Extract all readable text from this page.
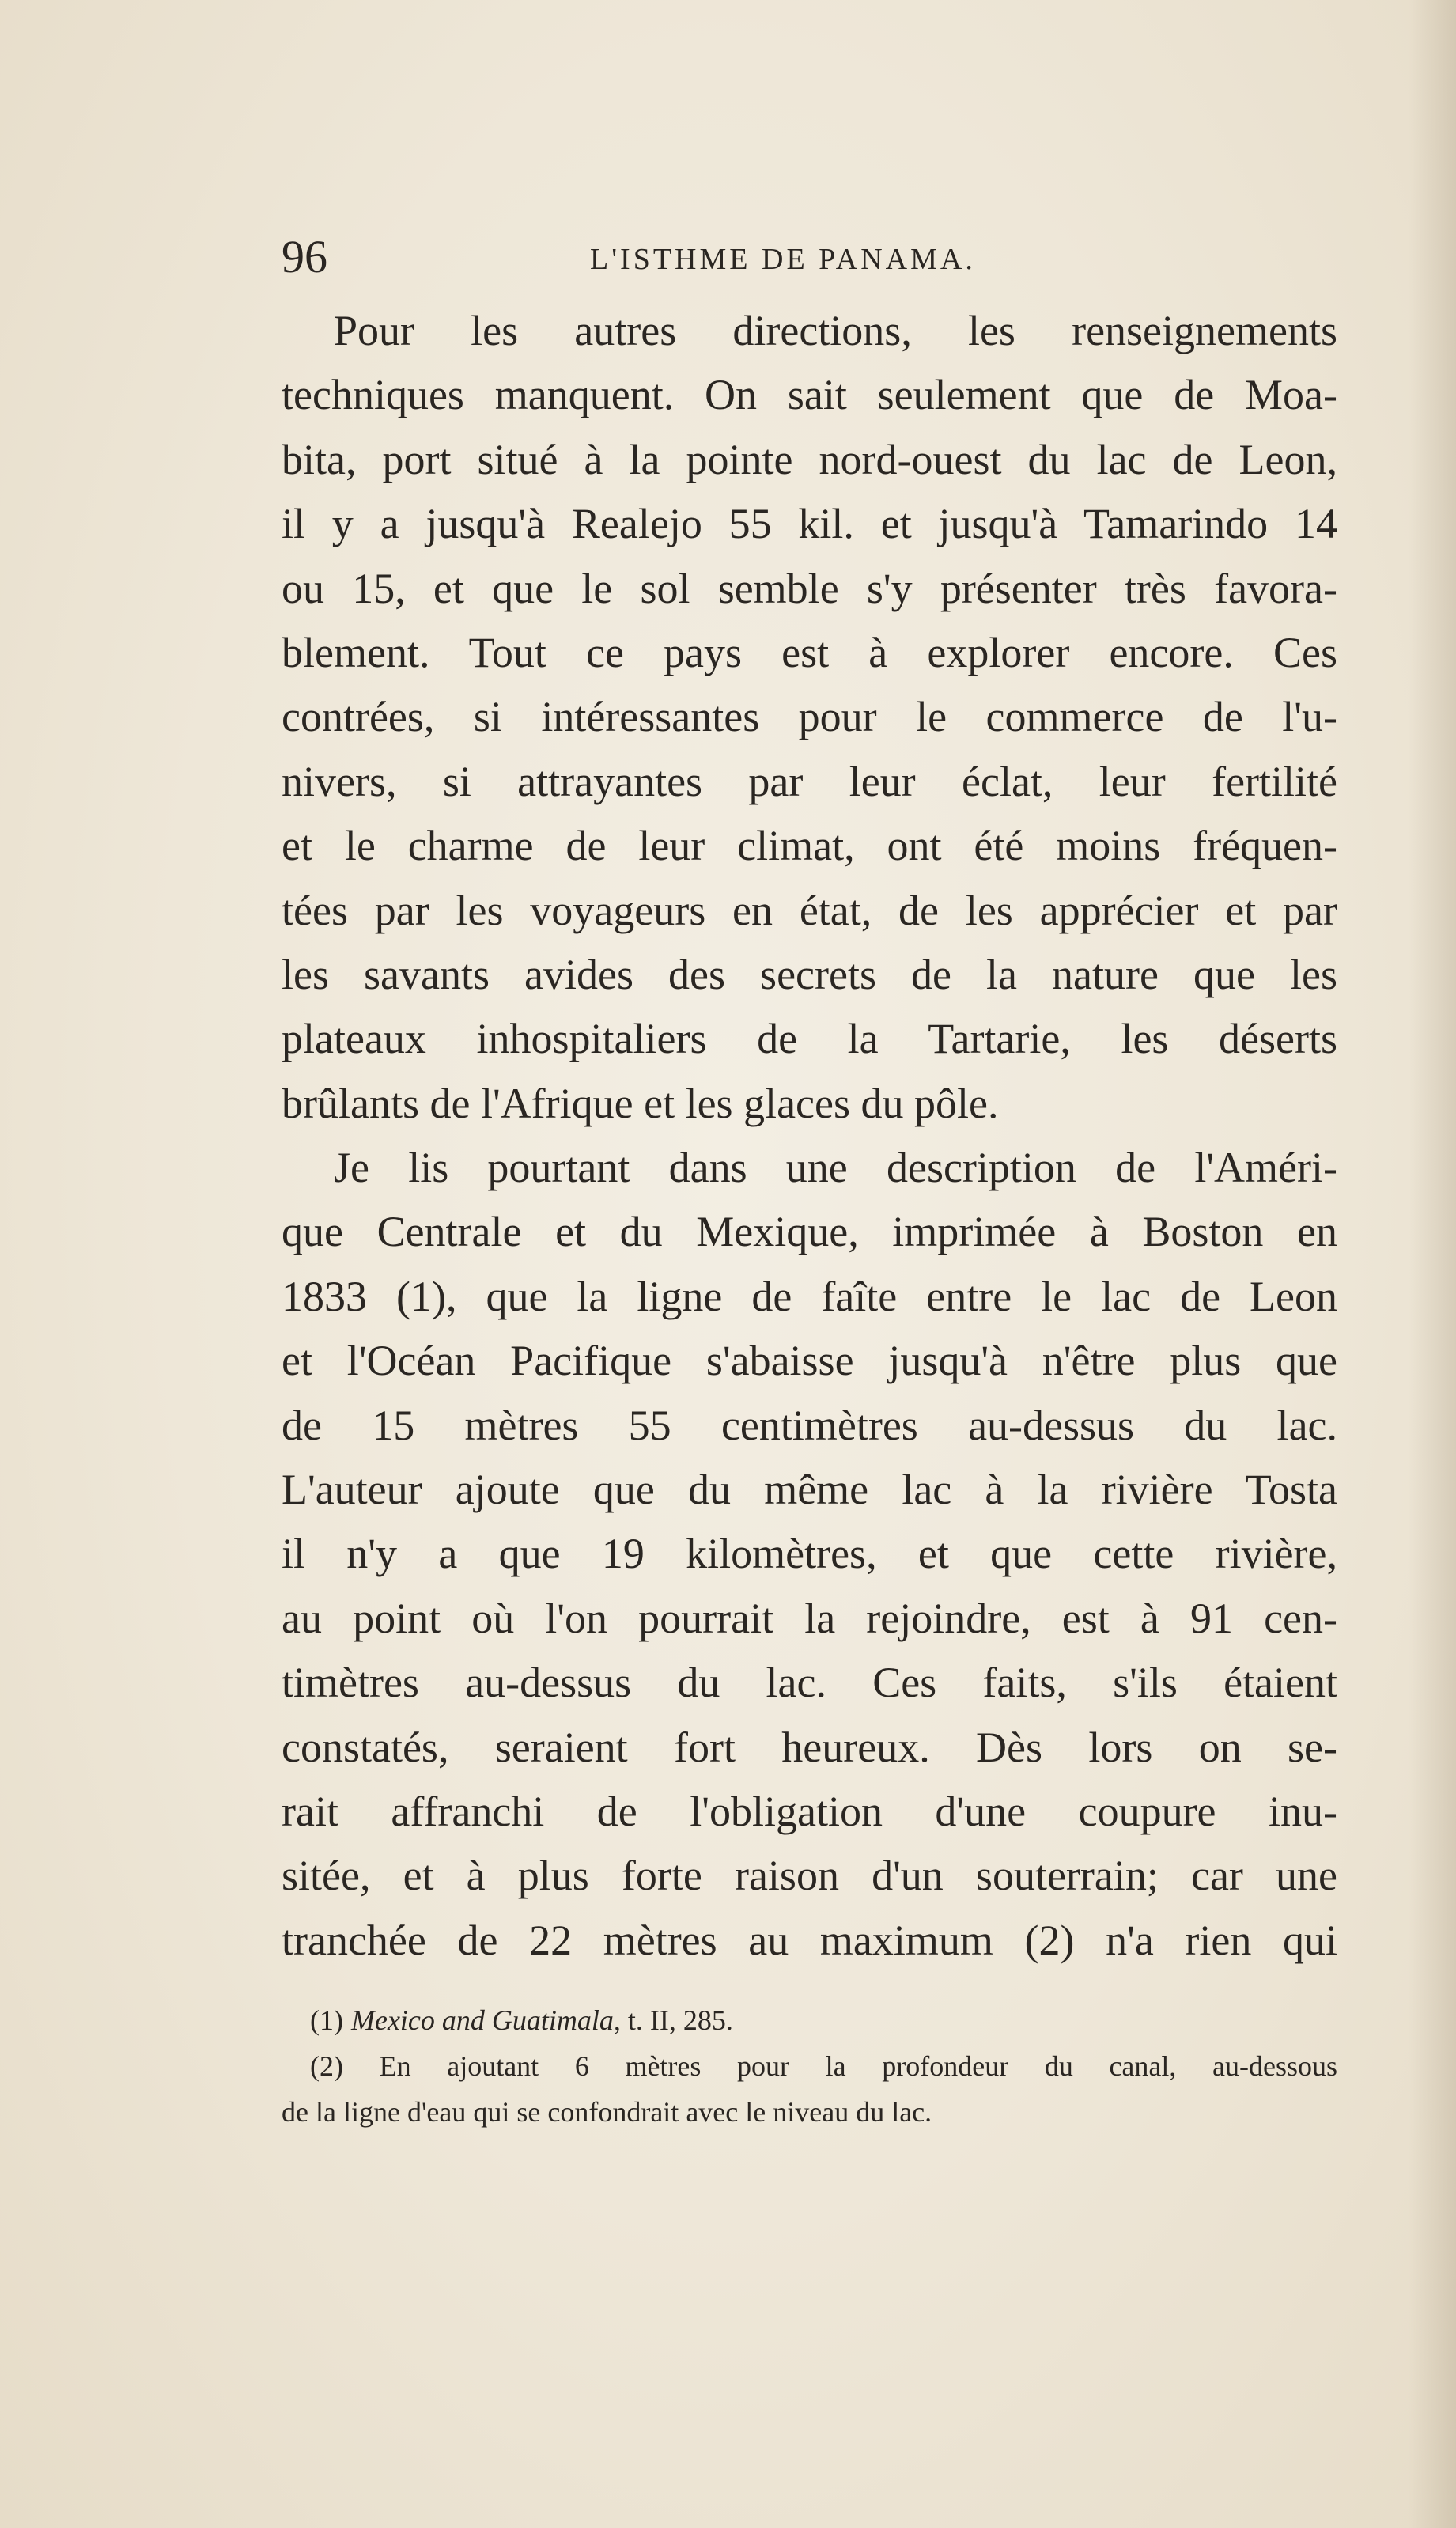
96	L'ISTHME DE PANAMA.
Pour les autres directions, les renseignements
techniques manquent. On sait seulement que de Moa-
bita, port situé à la pointe nord-ouest du lac de Leon,
il y a jusqu'à Realejo 55 kil. et jusqu'à Tamarindo 14
ou 15, et que le sol semble s'y présenter très favora-
blement. Tout ce pays est à explorer encore. Ces
contrées, si intéressantes pour le commerce de l'u-
nivers, si attrayantes par leur éclat, leur fertilité
et le charme de leur climat, ont été moins fréquen-
tées par les voyageurs en état, de les apprécier et par
les savants avides des secrets de la nature que les
plateaux inhospitaliers de la Tartarie, les déserts
brûlants de l'Afrique et les glaces du pôle.
Je lis pourtant dans une description de l'Améri-
que Centrale et du Mexique, imprimée à Boston en
1833 (1), que la ligne de faîte entre le lac de Leon
et l'Océan Pacifique s'abaisse jusqu'à n'être plus que
de 15 mètres 55 centimètres au-dessus du lac.
L'auteur ajoute que du même lac à la rivière Tosta
il n'y a que 19 kilomètres, et que cette rivière,
au point où l'on pourrait la rejoindre, est à 91 cen-
timètres au-dessus du lac. Ces faits, s'ils étaient
constatés, seraient fort heureux. Dès lors on se-
rait affranchi de l'obligation d'une coupure inu-
sitée, et à plus forte raison d'un souterrain; car une
tranchée de 22 mètres au maximum (2) n'a rien qui
(1) Mexico and Guatimala, t. II, 285.
(2) En ajoutant 6 mètres pour la profondeur du canal, au-dessous
de la ligne d'eau qui se confondrait avec le niveau du lac.
